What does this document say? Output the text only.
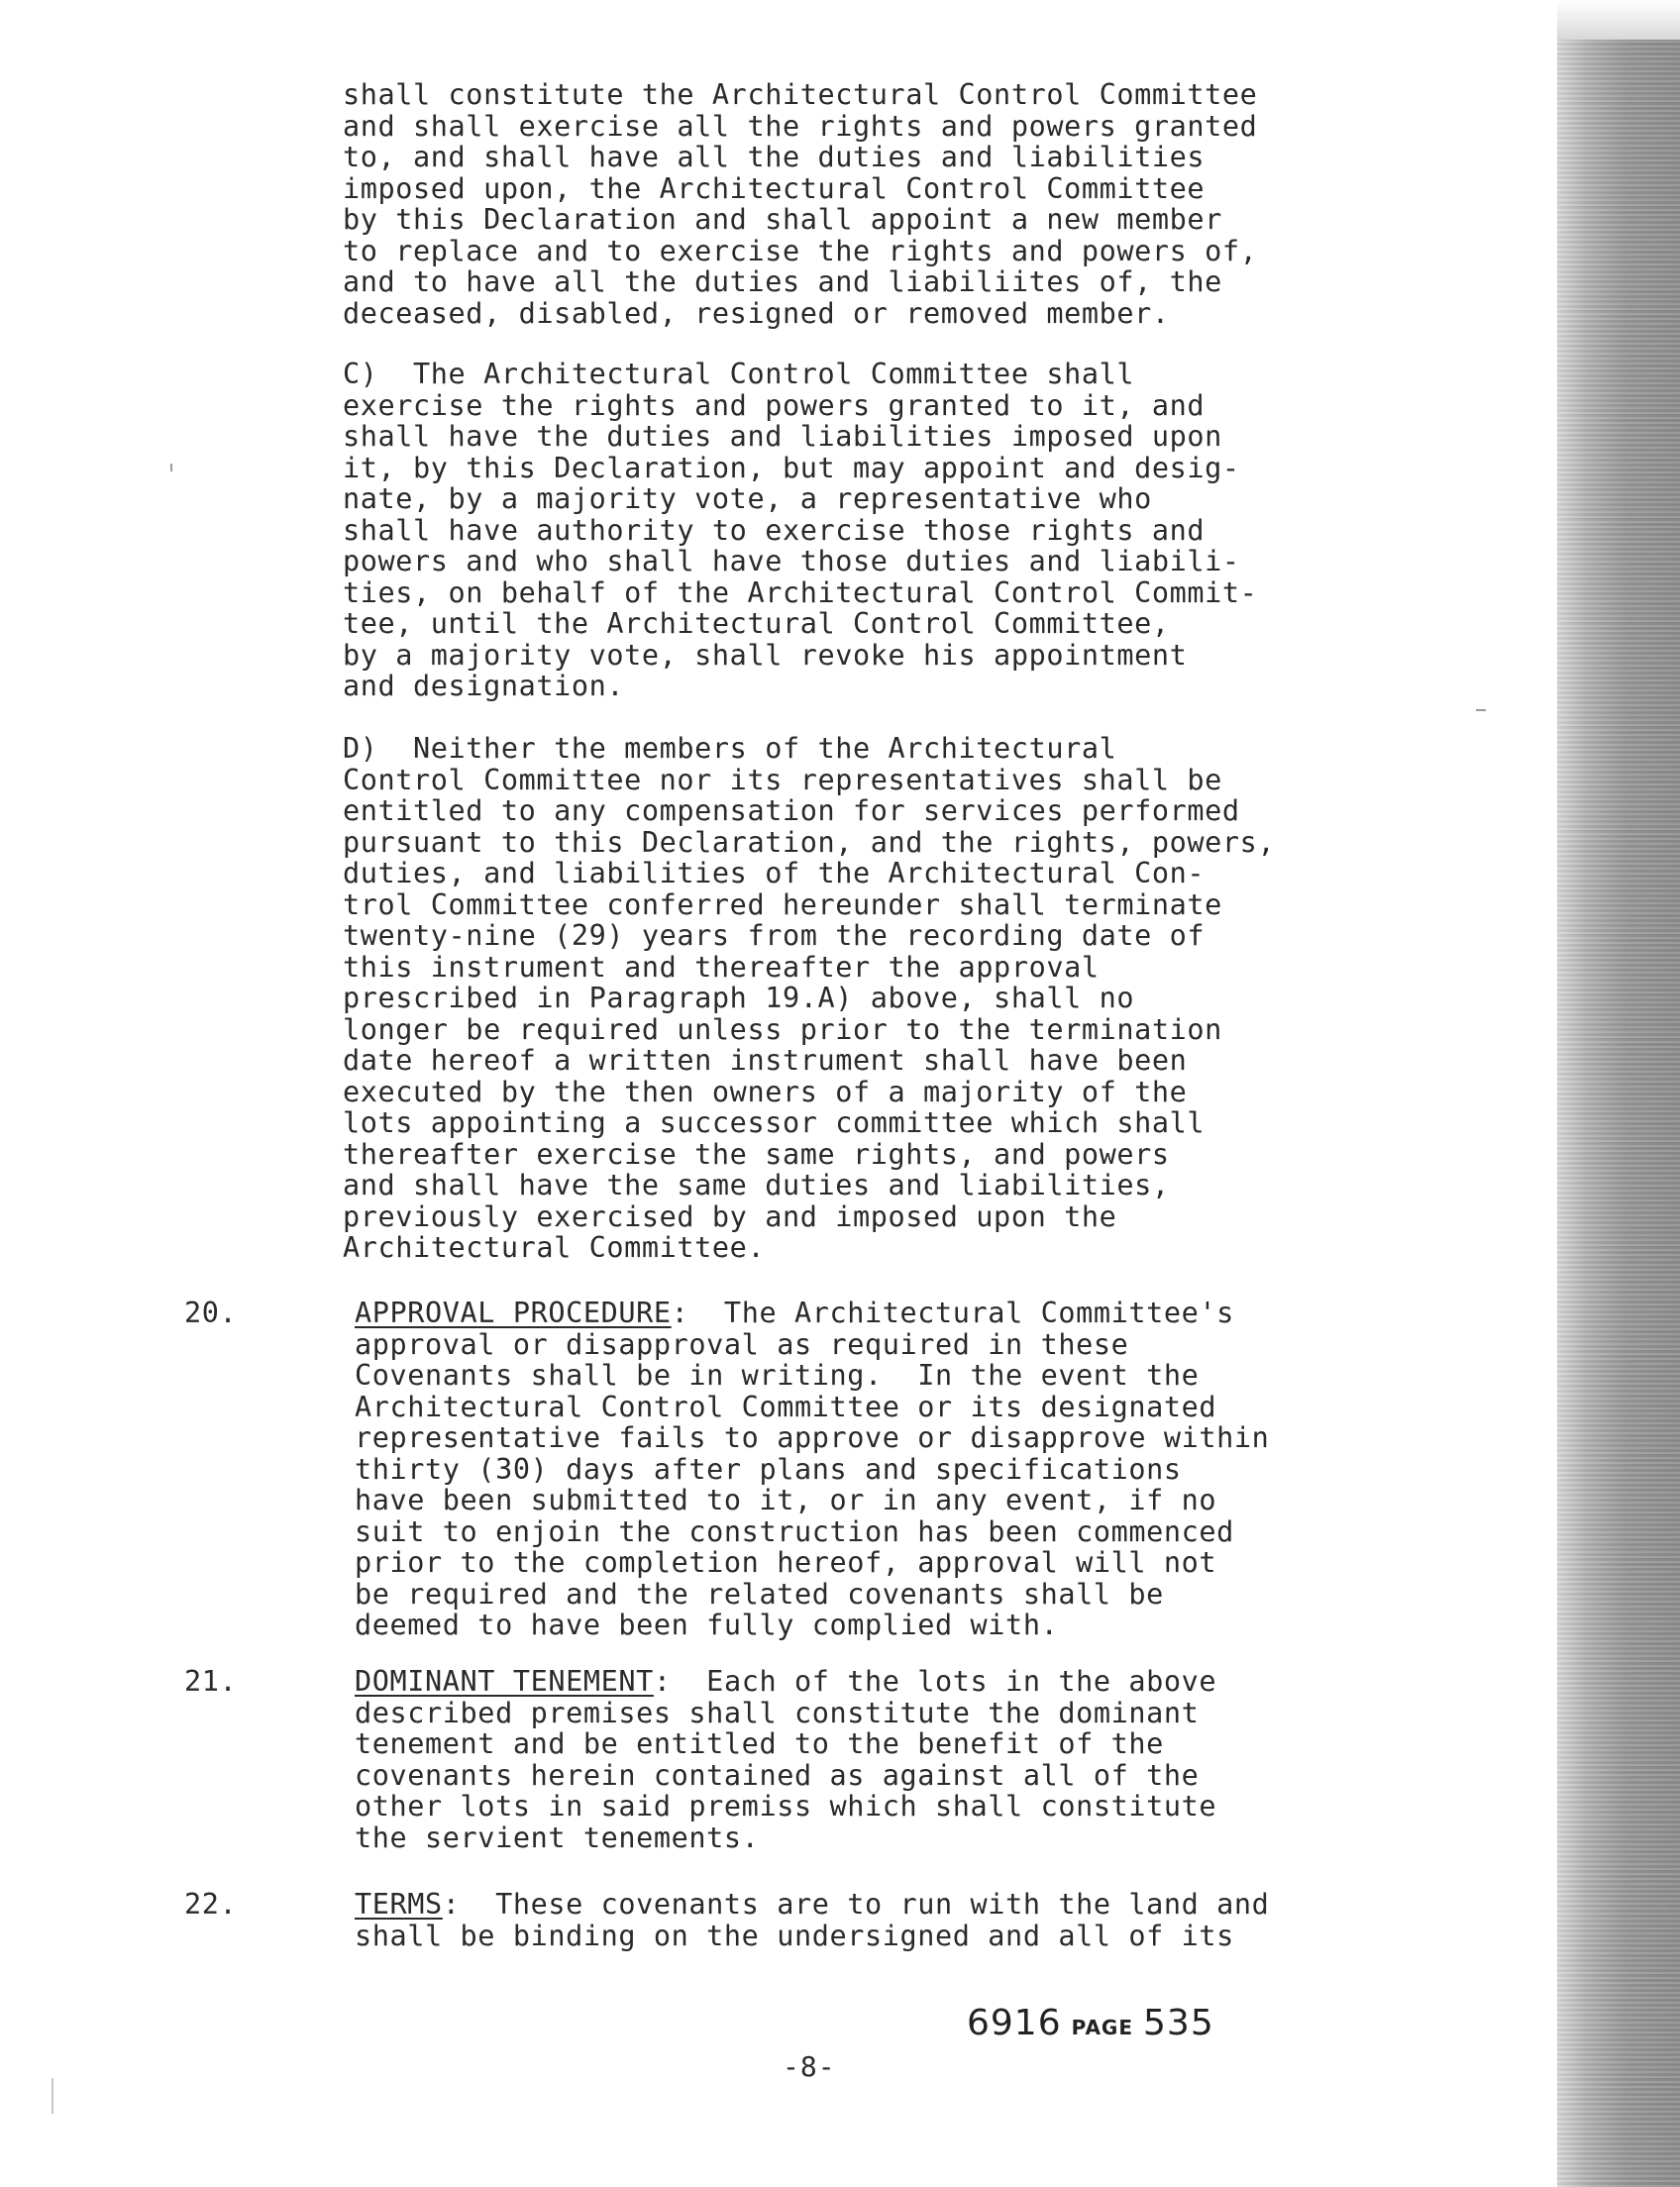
shall constitute the Architectural Control Committee
and shall exercise all the rights and powers granted
to, and shall have all the duties and liabilities
imposed upon, the Architectural Control Committee
by this Declaration and shall appoint a new member
to replace and to exercise the rights and powers of,
and to have all the duties and liabiliites of, the
deceased, disabled, resigned or removed member.
C)  The Architectural Control Committee shall
exercise the rights and powers granted to it, and
shall have the duties and liabilities imposed upon
it, by this Declaration, but may appoint and desig-
nate, by a majority vote, a representative who
shall have authority to exercise those rights and
powers and who shall have those duties and liabili-
ties, on behalf of the Architectural Control Commit-
tee, until the Architectural Control Committee,
by a majority vote, shall revoke his appointment
and designation.
D)  Neither the members of the Architectural
Control Committee nor its representatives shall be
entitled to any compensation for services performed
pursuant to this Declaration, and the rights, powers,
duties, and liabilities of the Architectural Con-
trol Committee conferred hereunder shall terminate
twenty-nine (29) years from the recording date of
this instrument and thereafter the approval
prescribed in Paragraph 19.A) above, shall no
longer be required unless prior to the termination
date hereof a written instrument shall have been
executed by the then owners of a majority of the
lots appointing a successor committee which shall
thereafter exercise the same rights, and powers
and shall have the same duties and liabilities,
previously exercised by and imposed upon the
Architectural Committee.
20.	APPROVAL PROCEDURE:  The Architectural Committee's
approval or disapproval as required in these
Covenants shall be in writing.  In the event the
Architectural Control Committee or its designated
representative fails to approve or disapprove within
thirty (30) days after plans and specifications
have been submitted to it, or in any event, if no
suit to enjoin the construction has been commenced
prior to the completion hereof, approval will not
be required and the related covenants shall be
deemed to have been fully complied with.
21.	DOMINANT TENEMENT:  Each of the lots in the above
described premises shall constitute the dominant
tenement and be entitled to the benefit of the
covenants herein contained as against all of the
other lots in said premiss which shall constitute
the servient tenements.
22.	TERMS:  These covenants are to run with the land and
shall be binding on the undersigned and all of its
6916 PAGE 535
-8-
